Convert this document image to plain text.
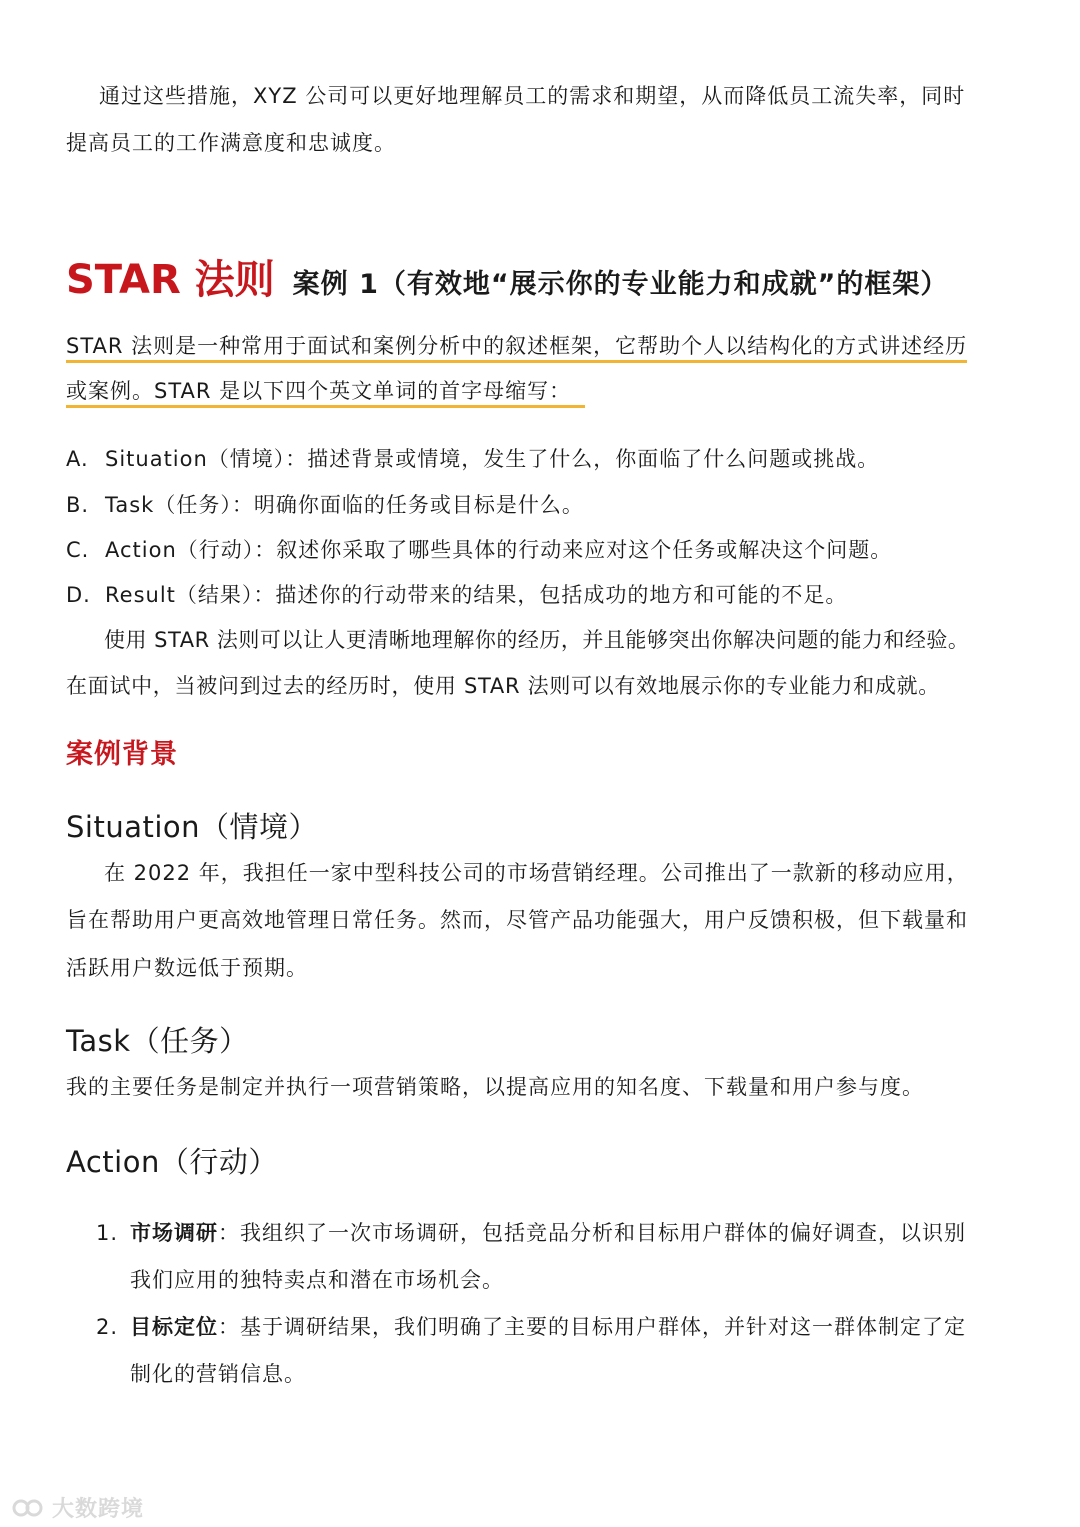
通过这些措施，XYZ 公司可以更好地理解员工的需求和期望，从而降低员工流失率，同时
提高员工的工作满意度和忠诚度。
STAR 法则 案例 1（有效地“展示你的专业能力和成就”的框架）
STAR 法则是一种常用于面试和案例分析中的叙述框架，它帮助个人以结构化的方式讲述经历
或案例。STAR 是以下四个英文单词的首字母缩写：
A. Situation（情境）：描述背景或情境，发生了什么，你面临了什么问题或挑战。
B. Task（任务）：明确你面临的任务或目标是什么。
C. Action（行动）：叙述你采取了哪些具体的行动来应对这个任务或解决这个问题。
D. Result（结果）：描述你的行动带来的结果，包括成功的地方和可能的不足。
使用 STAR 法则可以让人更清晰地理解你的经历，并且能够突出你解决问题的能力和经验。
在面试中，当被问到过去的经历时，使用 STAR 法则可以有效地展示你的专业能力和成就。
案例背景
Situation（情境）
在 2022 年，我担任一家中型科技公司的市场营销经理。公司推出了一款新的移动应用，
旨在帮助用户更高效地管理日常任务。然而，尽管产品功能强大，用户反馈积极，但下载量和
活跃用户数远低于预期。
Task（任务）
我的主要任务是制定并执行一项营销策略，以提高应用的知名度、下载量和用户参与度。
Action（行动）
1. 市场调研：我组织了一次市场调研，包括竞品分析和目标用户群体的偏好调查，以识别
我们应用的独特卖点和潜在市场机会。
2. 目标定位：基于调研结果，我们明确了主要的目标用户群体，并针对这一群体制定了定
制化的营销信息。
大数跨境
